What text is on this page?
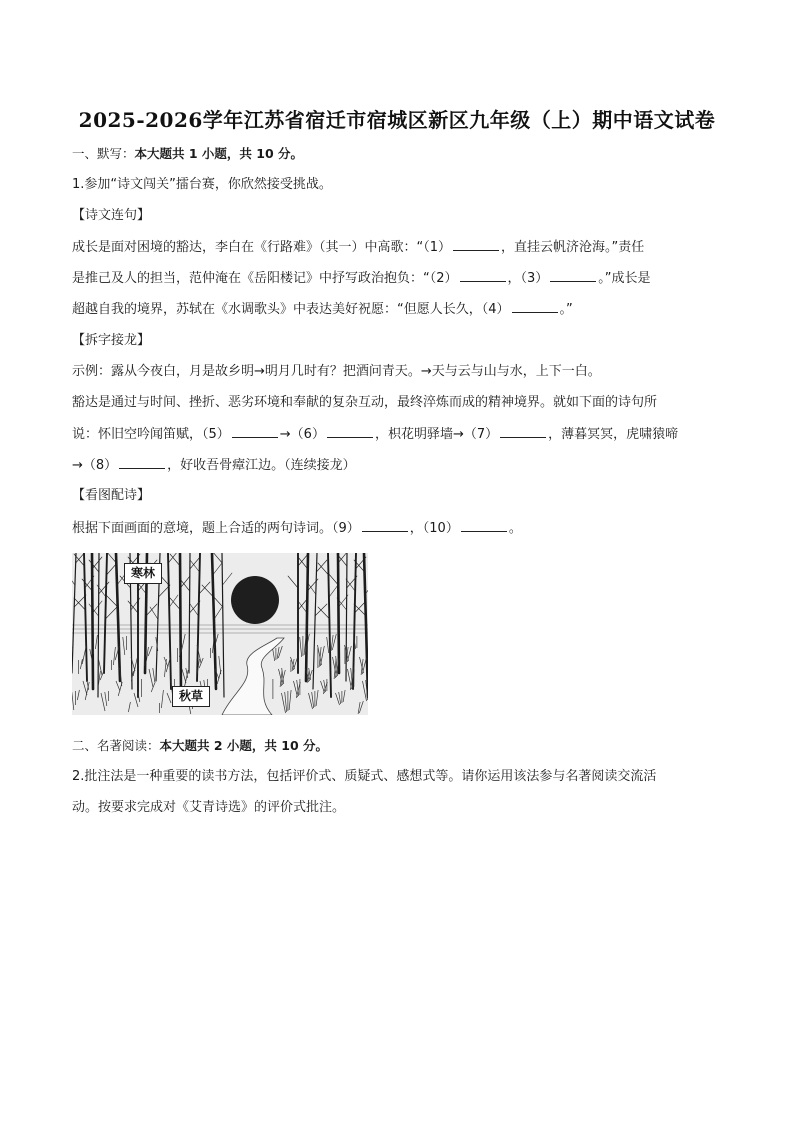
2025-2026学年江苏省宿迁市宿城区新区九年级（上）期中语文试卷
一、默写：本大题共 1 小题，共 10 分。
1.参加“诗文闯关”擂台赛，你欣然接受挑战。
【诗文连句】
成长是面对困境的豁达，李白在《行路难》（其一）中高歌：“（1）	，直挂云帆济沧海。”责任
是推己及人的担当，范仲淹在《岳阳楼记》中抒写政治抱负：“（2）	，（3）	。”成长是
超越自我的境界，苏轼在《水调歌头》中表达美好祝愿：“但愿人长久，（4）	。”
【拆字接龙】
示例：露从今夜白，月是故乡明→明月几时有？把酒问青天。→天与云与山与水，上下一白。
豁达是通过与时间、挫折、恶劣环境和奉献的复杂互动，最终淬炼而成的精神境界。就如下面的诗句所
说：怀旧空吟闻笛赋，（5）	→（6）	，枳花明驿墙→（7）	，薄暮冥冥，虎啸猿啼
→（8）	，好收吾骨瘴江边。（连续接龙）
【看图配诗】
根据下面画面的意境，题上合适的两句诗词。（9）	，（10）	。
寒林
秋草
二、名著阅读：本大题共 2 小题，共 10 分。
2.批注法是一种重要的读书方法，包括评价式、质疑式、感想式等。请你运用该法参与名著阅读交流活
动。按要求完成对《艾青诗选》的评价式批注。
